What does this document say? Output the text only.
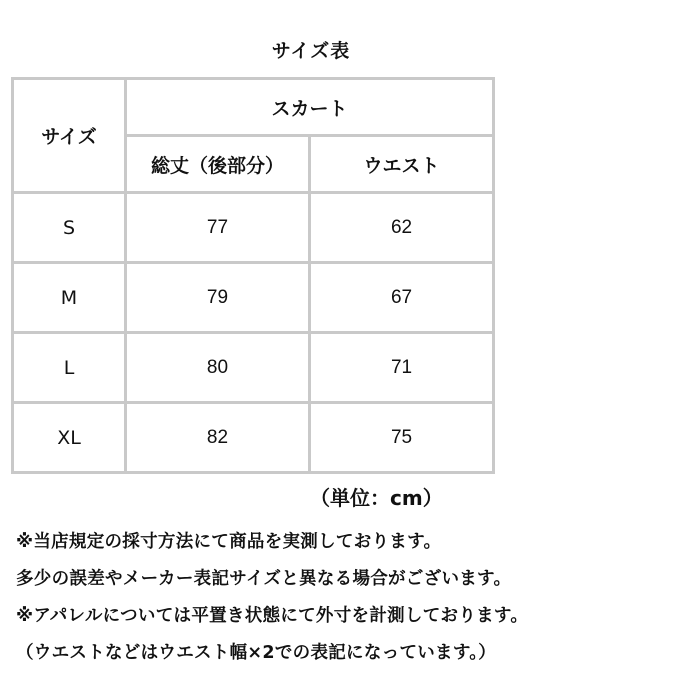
サイズ表
サイズ	スカート	
	総丈（後部分）	ウエスト
S	77	62
M	79	67
L	80	71
XL	82	75
（単位：cm）
※当店規定の採寸方法にて商品を実測しております。
多少の誤差やメーカー表記サイズと異なる場合がございます。
※アパレルについては平置き状態にて外寸を計測しております。
（ウエストなどはウエスト幅×2での表記になっています。）
